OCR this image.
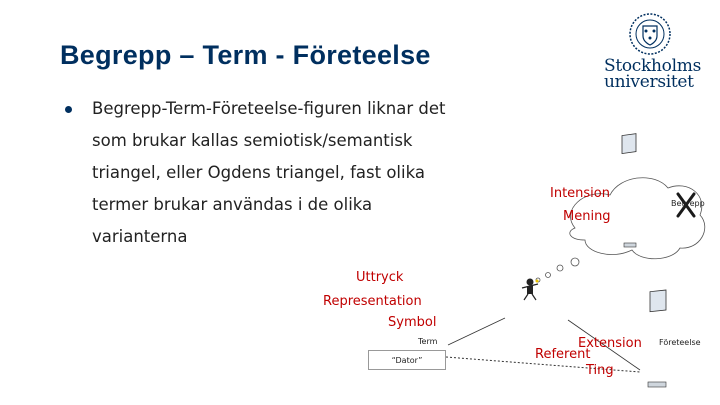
Begrepp – Term - Företeelse	Stockholms
universitet
Begrepp-Term-Företeelse-figuren liknar det
som brukar kallas semiotisk/semantisk
triangel, eller Ogdens triangel, fast olika
termer brukar användas i de olika
varianterna
Intension
Mening
Begrepp
Uttryck
Representation
Symbol
Term
“Dator”
Extension
Referent
Ting
Företeelse
